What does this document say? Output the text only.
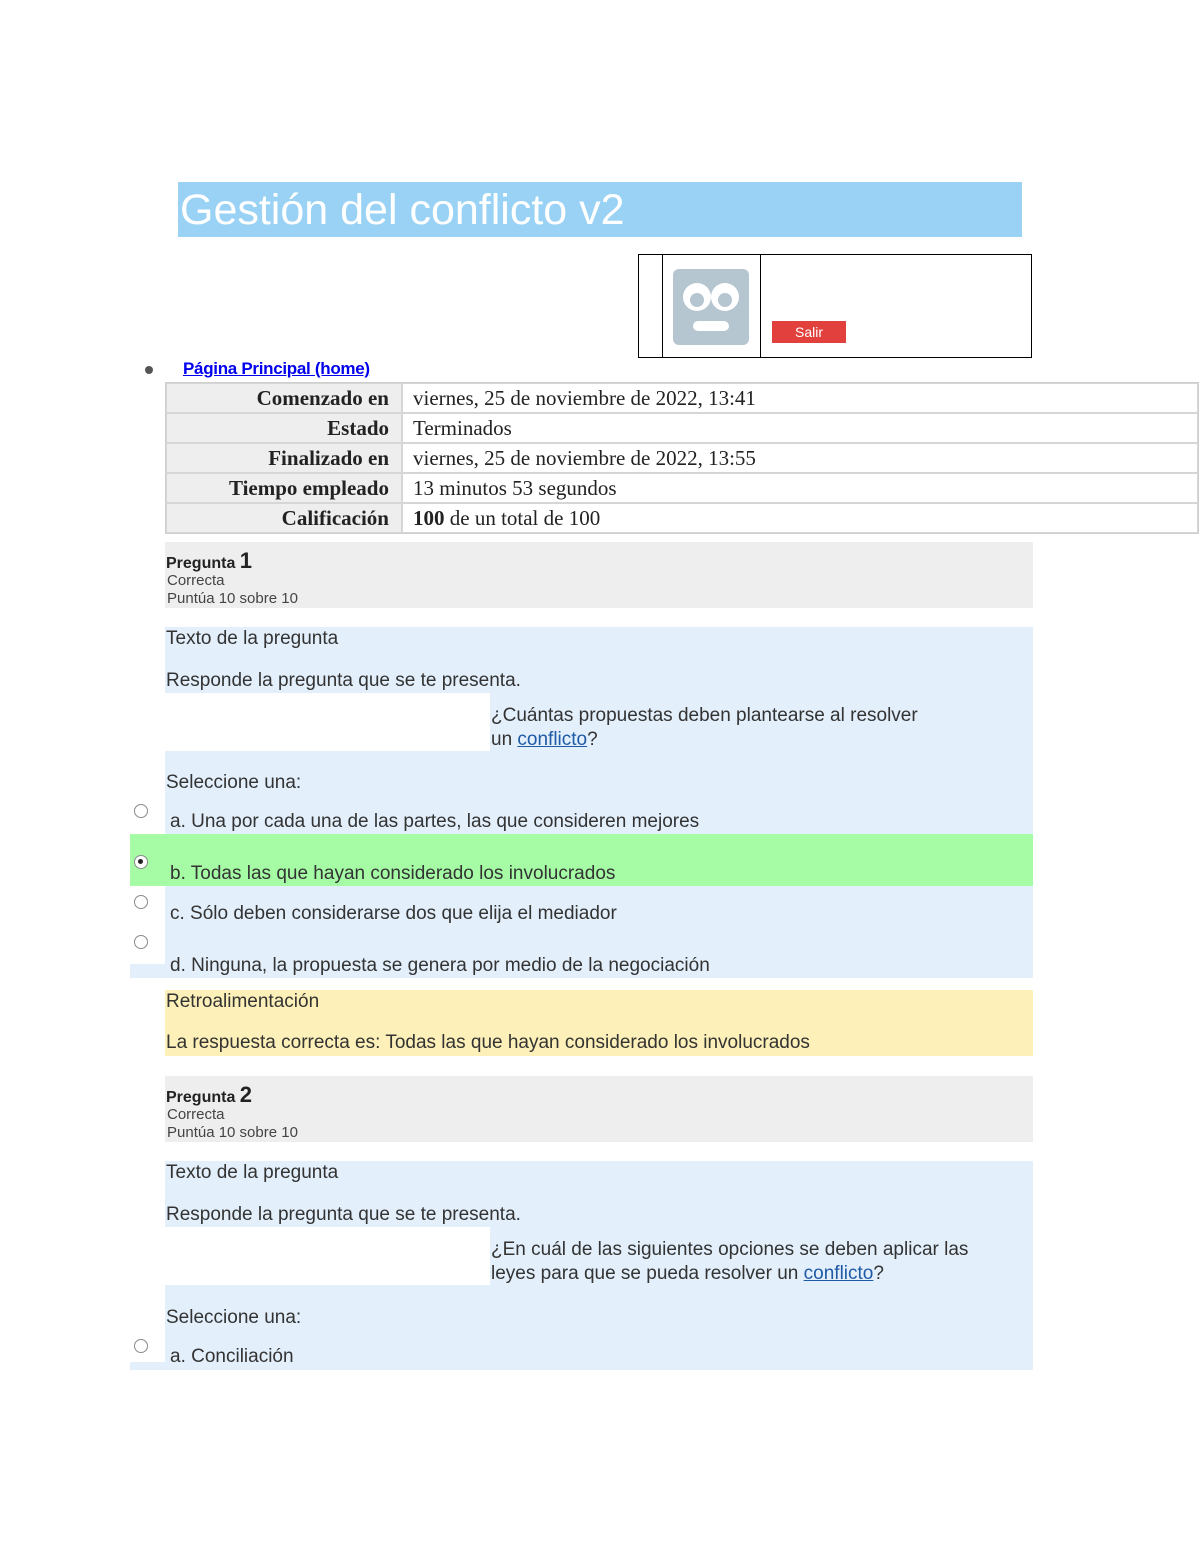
Gestión del conflicto v2
Salir
Página Principal (home)
Comenzado en	viernes, 25 de noviembre de 2022, 13:41
Estado	Terminados
Finalizado en	viernes, 25 de noviembre de 2022, 13:55
Tiempo empleado	13 minutos 53 segundos
Calificación	100 de un total de 100
Pregunta 1
Correcta
Puntúa 10 sobre 10
Texto de la pregunta
Responde la pregunta que se te presenta.
¿Cuántas propuestas deben plantearse al resolver
un conflicto?
Seleccione una:
a. Una por cada una de las partes, las que consideren mejores
b. Todas las que hayan considerado los involucrados
c. Sólo deben considerarse dos que elija el mediador
d. Ninguna, la propuesta se genera por medio de la negociación
Retroalimentación
La respuesta correcta es: Todas las que hayan considerado los involucrados
Pregunta 2
Correcta
Puntúa 10 sobre 10
Texto de la pregunta
Responde la pregunta que se te presenta.
¿En cuál de las siguientes opciones se deben aplicar las
leyes para que se pueda resolver un conflicto?
Seleccione una:
a. Conciliación
